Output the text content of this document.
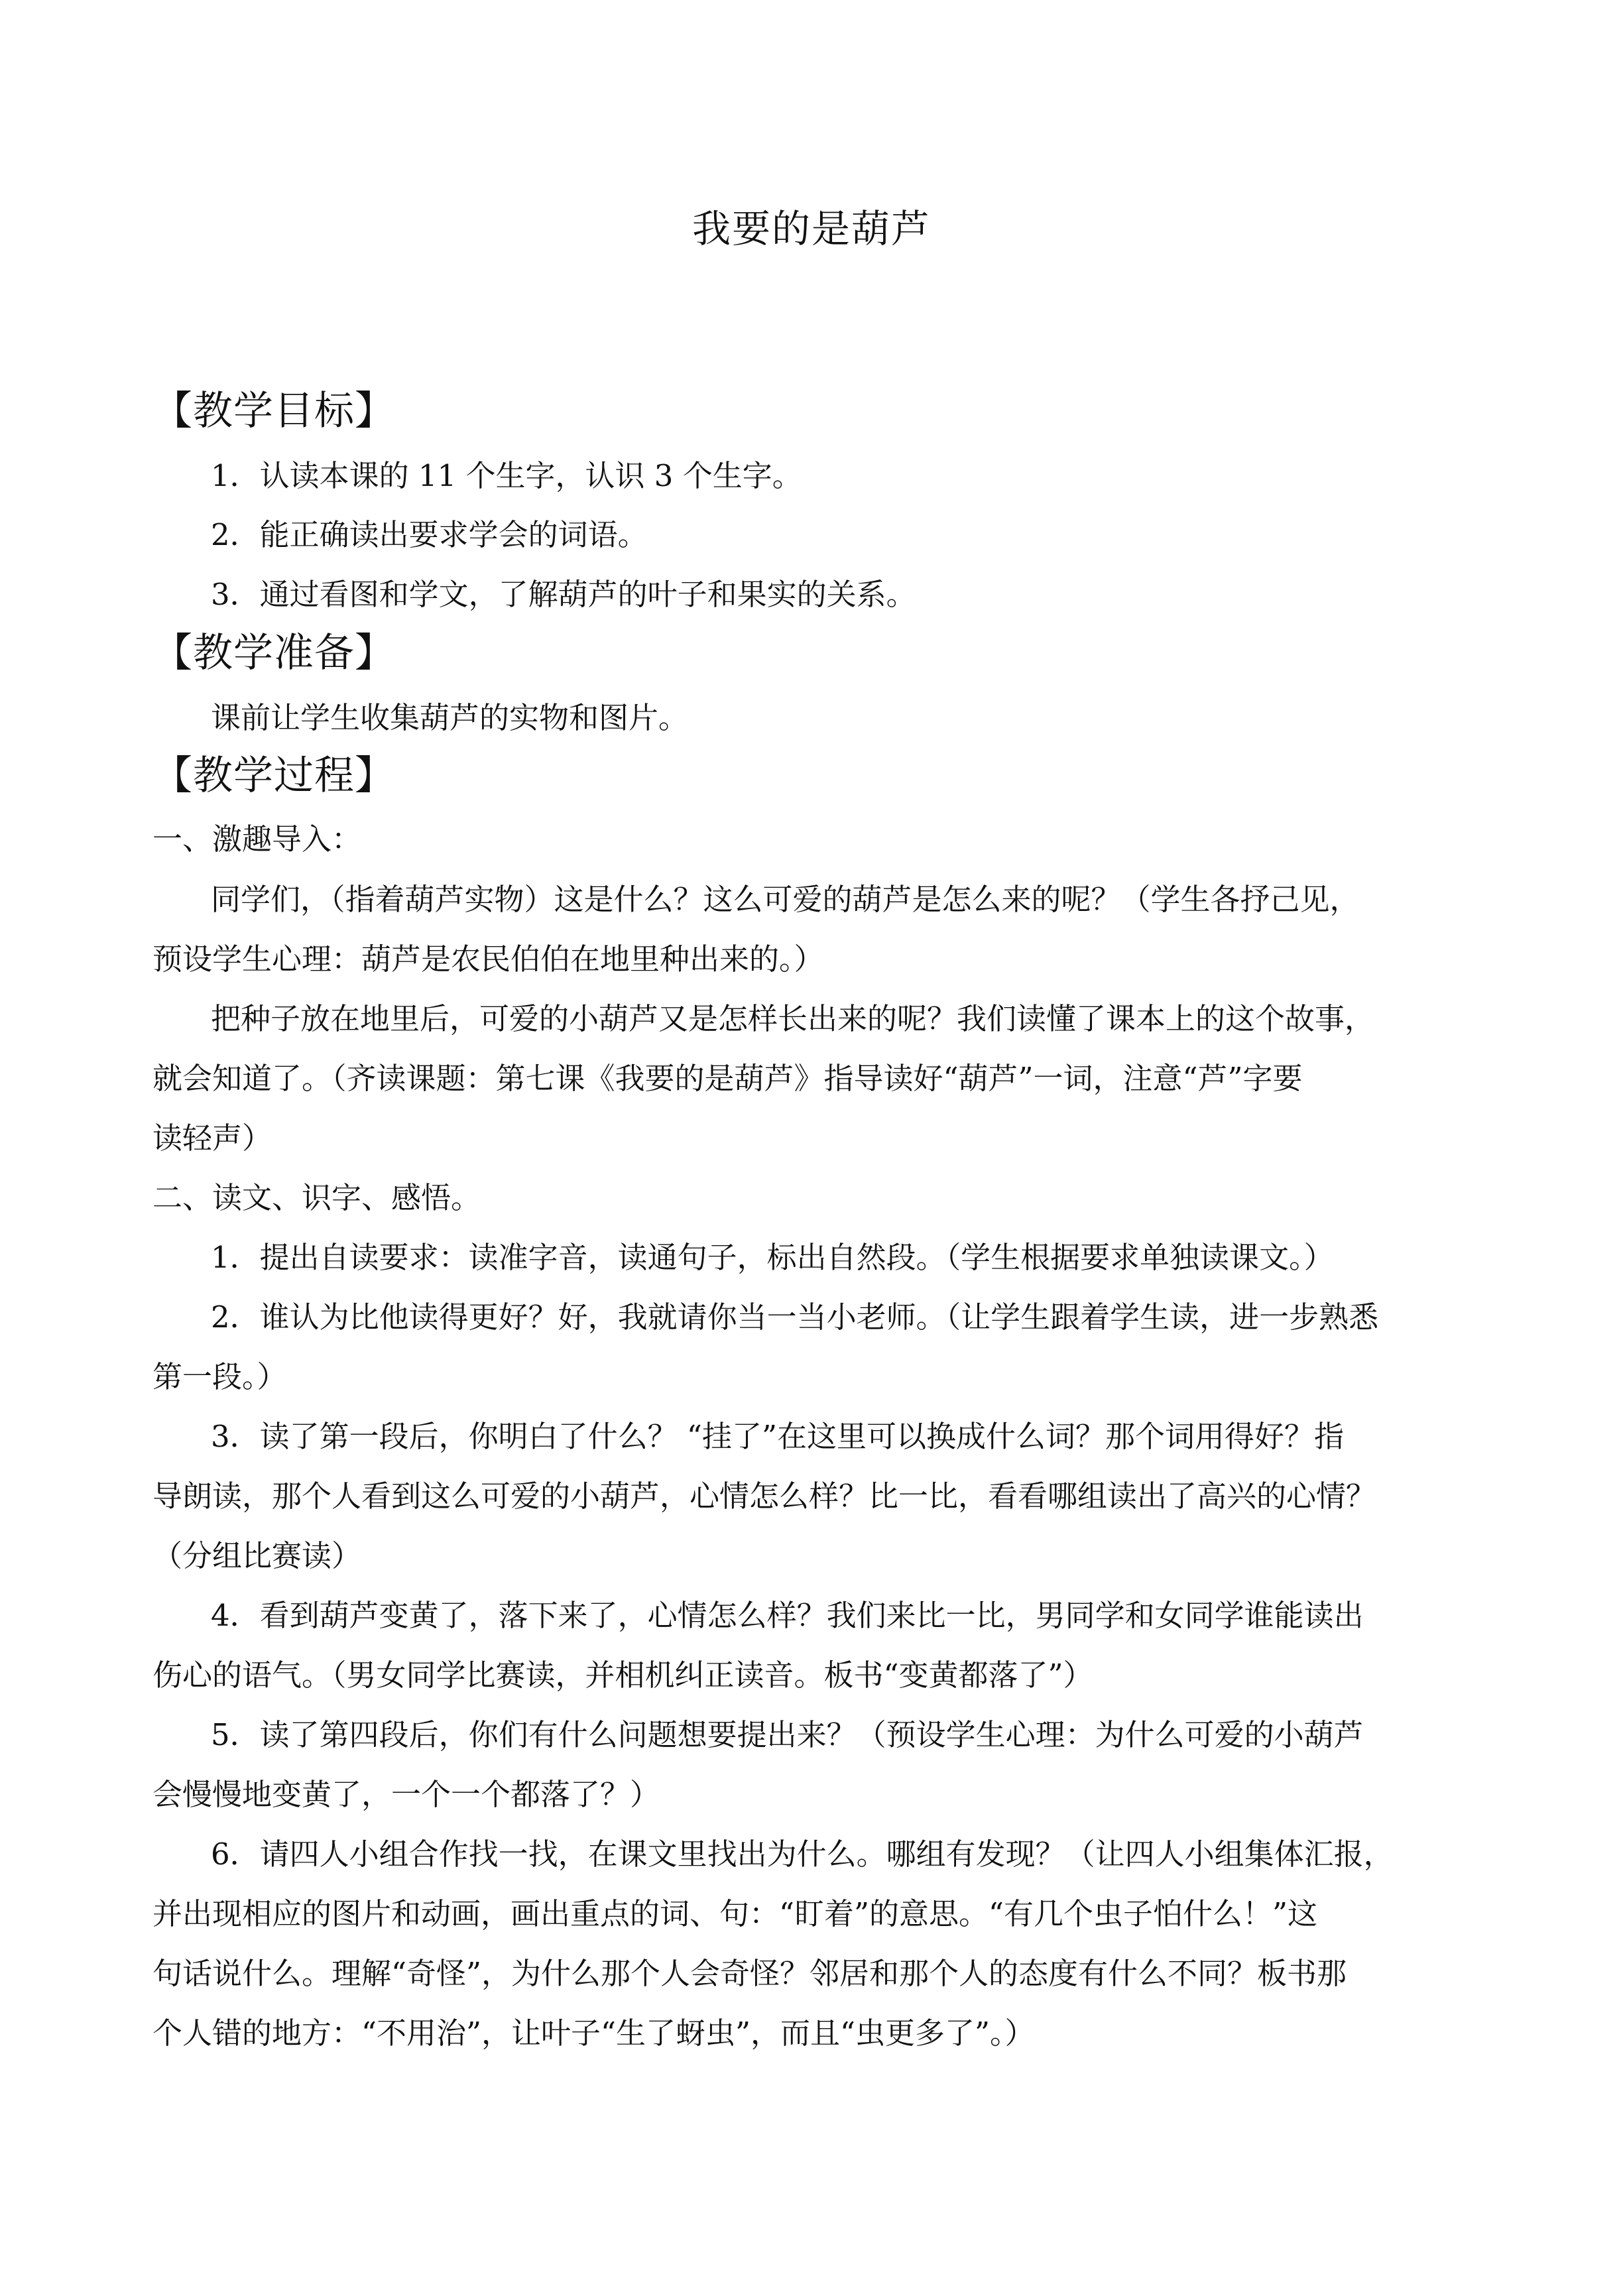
我要的是葫芦
【教学目标】
1．认读本课的 11 个生字，认识 3 个生字。
2．能正确读出要求学会的词语。
3．通过看图和学文，了解葫芦的叶子和果实的关系。
【教学准备】
课前让学生收集葫芦的实物和图片。
【教学过程】
一、激趣导入：
同学们，（指着葫芦实物）这是什么？这么可爱的葫芦是怎么来的呢？（学生各抒己见，
预设学生心理：葫芦是农民伯伯在地里种出来的。）
把种子放在地里后，可爱的小葫芦又是怎样长出来的呢？我们读懂了课本上的这个故事，
就会知道了。（齐读课题：第七课《我要的是葫芦》指导读好“葫芦”一词，注意“芦”字要
读轻声）
二、读文、识字、感悟。
1．提出自读要求：读准字音，读通句子，标出自然段。（学生根据要求单独读课文。）
2．谁认为比他读得更好？好，我就请你当一当小老师。（让学生跟着学生读，进一步熟悉
第一段。）
3．读了第一段后，你明白了什么？ “挂了”在这里可以换成什么词？那个词用得好？指
导朗读，那个人看到这么可爱的小葫芦，心情怎么样？比一比，看看哪组读出了高兴的心情？
（分组比赛读）
4．看到葫芦变黄了，落下来了，心情怎么样？我们来比一比，男同学和女同学谁能读出
伤心的语气。（男女同学比赛读，并相机纠正读音。板书“变黄都落了”）
5．读了第四段后，你们有什么问题想要提出来？（预设学生心理：为什么可爱的小葫芦
会慢慢地变黄了，一个一个都落了？）
6．请四人小组合作找一找，在课文里找出为什么。哪组有发现？（让四人小组集体汇报，
并出现相应的图片和动画，画出重点的词、句：“盯着”的意思。“有几个虫子怕什么！”这
句话说什么。理解“奇怪”，为什么那个人会奇怪？邻居和那个人的态度有什么不同？板书那
个人错的地方：“不用治”，让叶子“生了蚜虫”，而且“虫更多了”。）
